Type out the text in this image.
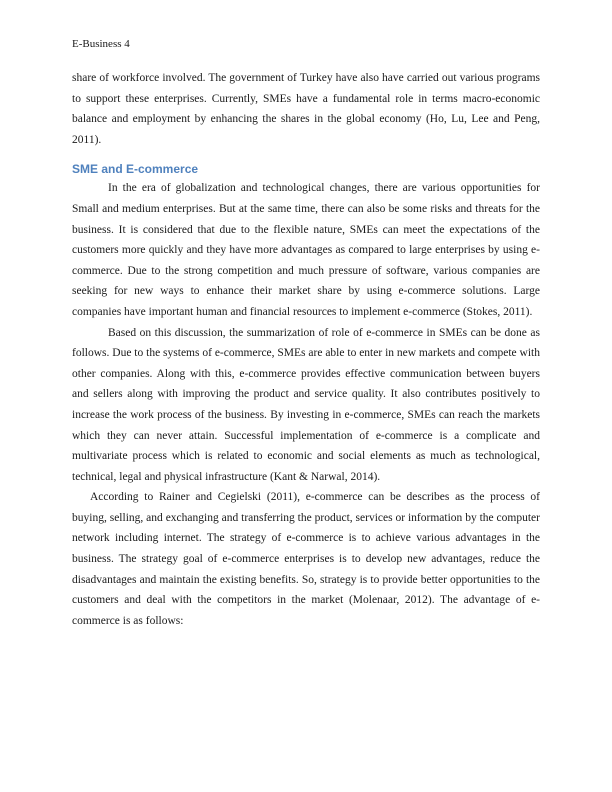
E-Business 4

share of workforce involved. The government of Turkey have also have carried out various programs to support these enterprises. Currently, SMEs have a fundamental role in terms macro-economic balance and employment by enhancing the shares in the global economy (Ho, Lu, Lee and Peng, 2011).

SME and E-commerce

In the era of globalization and technological changes, there are various opportunities for Small and medium enterprises. But at the same time, there can also be some risks and threats for the business. It is considered that due to the flexible nature, SMEs can meet the expectations of the customers more quickly and they have more advantages as compared to large enterprises by using e-commerce. Due to the strong competition and much pressure of software, various companies are seeking for new ways to enhance their market share by using e-commerce solutions. Large companies have important human and financial resources to implement e-commerce (Stokes, 2011).

Based on this discussion, the summarization of role of e-commerce in SMEs can be done as follows. Due to the systems of e-commerce, SMEs are able to enter in new markets and compete with other companies. Along with this, e-commerce provides effective communication between buyers and sellers along with improving the product and service quality. It also contributes positively to increase the work process of the business. By investing in e-commerce, SMEs can reach the markets which they can never attain. Successful implementation of e-commerce is a complicate and multivariate process which is related to economic and social elements as much as technological, technical, legal and physical infrastructure (Kant & Narwal, 2014).

According to Rainer and Cegielski (2011), e-commerce can be describes as the process of buying, selling, and exchanging and transferring the product, services or information by the computer network including internet. The strategy of e-commerce is to achieve various advantages in the business. The strategy goal of e-commerce enterprises is to develop new advantages, reduce the disadvantages and maintain the existing benefits. So, strategy is to provide better opportunities to the customers and deal with the competitors in the market (Molenaar, 2012). The advantage of e-commerce is as follows:
